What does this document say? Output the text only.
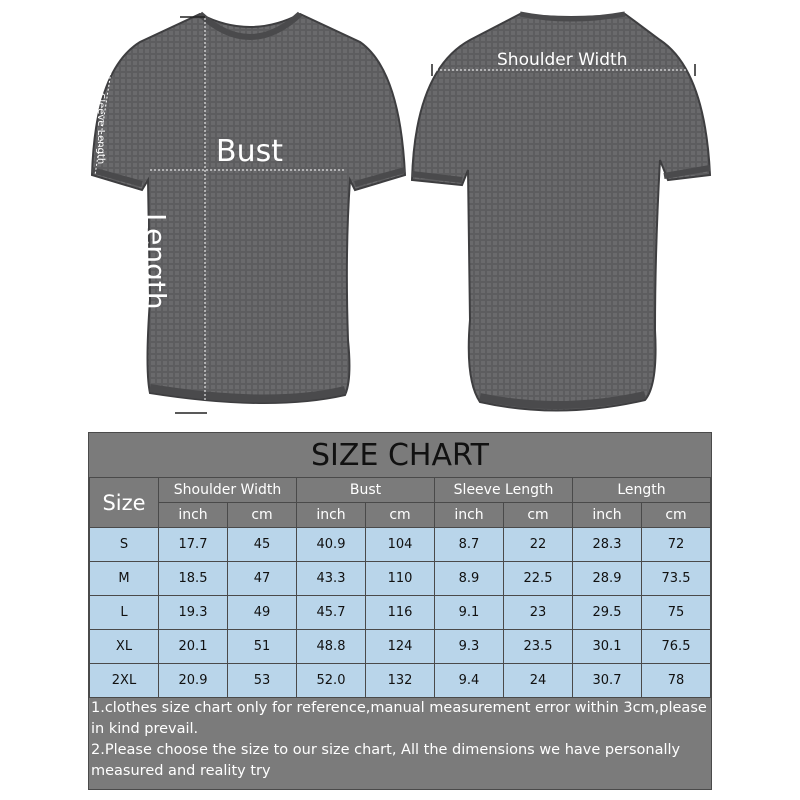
Bust
Length
Sleeve Length
Shoulder Width
SIZE CHART
Size	Shoulder Width		Bust		Sleeve Length		Length	
	inch	cm	inch	cm	inch	cm	inch	cm
S	17.7	45	40.9	104	8.7	22	28.3	72
M	18.5	47	43.3	110	8.9	22.5	28.9	73.5
L	19.3	49	45.7	116	9.1	23	29.5	75
XL	20.1	51	48.8	124	9.3	23.5	30.1	76.5
2XL	20.9	53	52.0	132	9.4	24	30.7	78

1.clothes size chart only for reference,manual measurement error within 3cm,please in kind prevail.

2.Please choose the size to our size chart, All the dimensions we have personally measured and reality try
